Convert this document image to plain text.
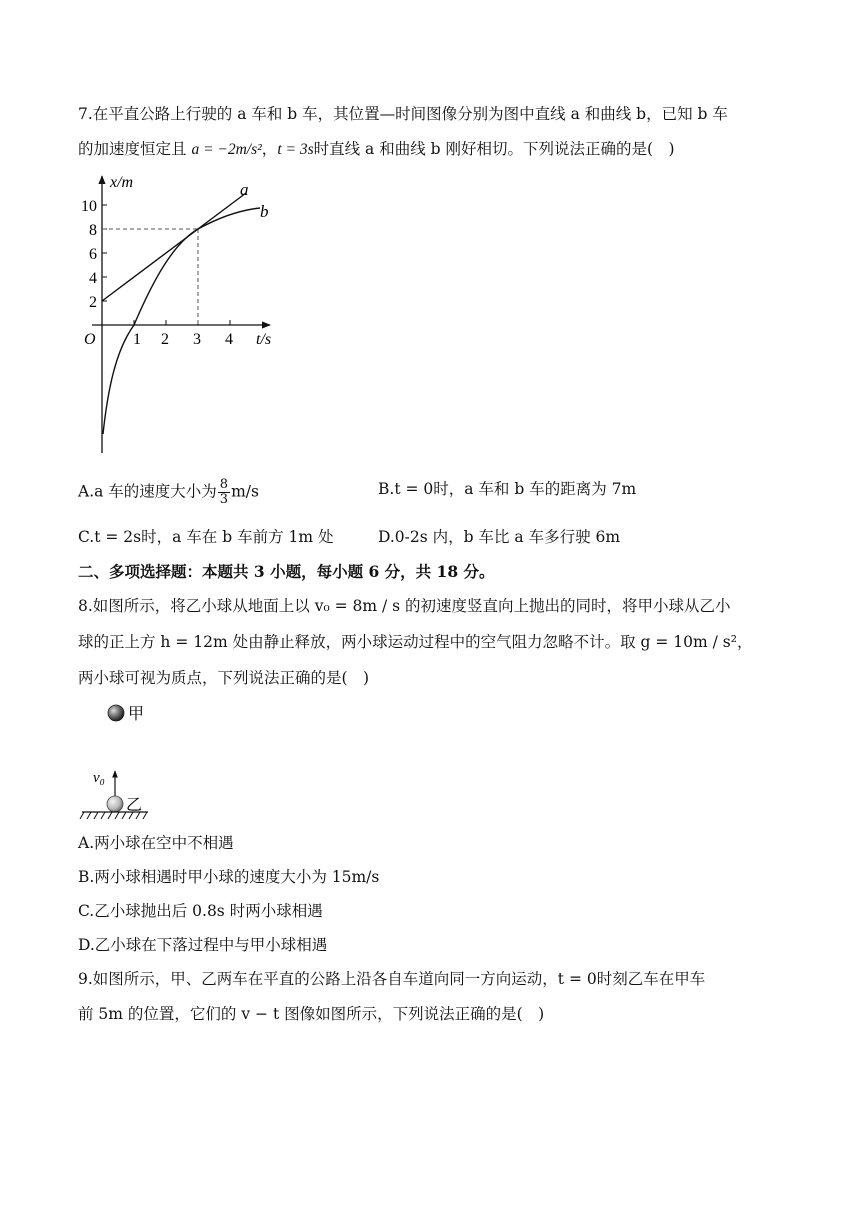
7.在平直公路上行驶的 a 车和 b 车，其位置—时间图像分别为图中直线 a 和曲线 b，已知 b 车
的加速度恒定且 a = −2m/s²，t = 3s时直线 a 和曲线 b 刚好相切。下列说法正确的是(　)
x/m
t/s
O
2
4
6
8
10
1 2 3 4
a
b
A.a 车的速度大小为 $\frac{8}{3} m/s$	B.t = 0时，a 车和 b 车的距离为 7m
C.t = 2s时，a 车在 b 车前方 1m 处	D.0-2s 内，b 车比 a 车多行驶 6m
二、多项选择题：本题共 3 小题，每小题 6 分，共 18 分。
8.如图所示，将乙小球从地面上以 v₀ = 8m / s 的初速度竖直向上抛出的同时，将甲小球从乙小
球的正上方 h = 12m 处由静止释放，两小球运动过程中的空气阻力忽略不计。取 g = 10m / s²，
两小球可视为质点，下列说法正确的是(　)
甲
v₀
乙
A.两小球在空中不相遇
B.两小球相遇时甲小球的速度大小为 15m/s
C.乙小球抛出后 0.8s 时两小球相遇
D.乙小球在下落过程中与甲小球相遇
9.如图所示，甲、乙两车在平直的公路上沿各自车道向同一方向运动，t = 0时刻乙车在甲车
前 5m 的位置，它们的 v − t 图像如图所示，下列说法正确的是(　)
